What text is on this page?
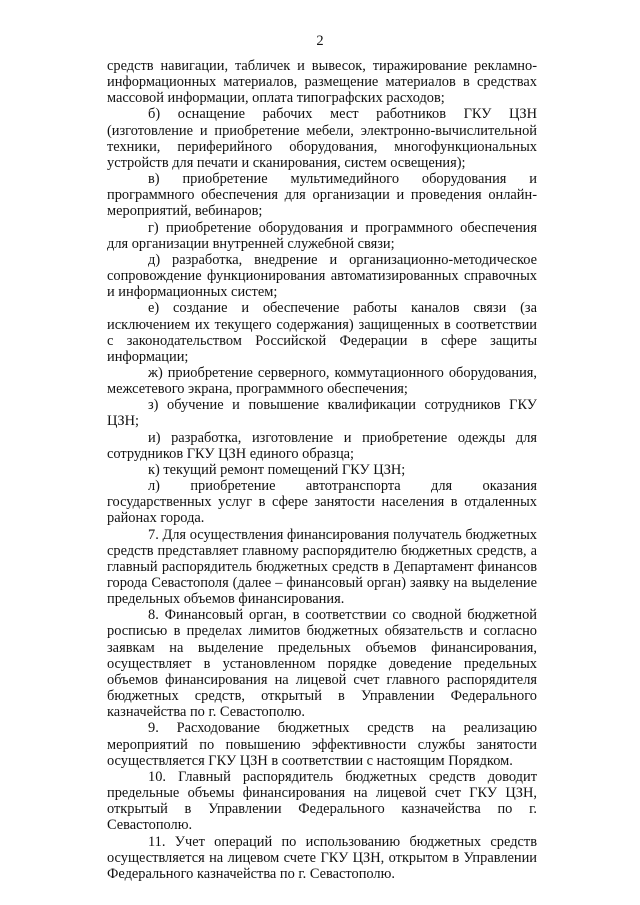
2

средств навигации, табличек и вывесок, тиражирование рекламно-информационных материалов, размещение материалов в средствах массовой информации, оплата типографских расходов;

б) оснащение рабочих мест работников ГКУ ЦЗН (изготовление и приобретение мебели, электронно-вычислительной техники, периферийного оборудования, многофункциональных устройств для печати и сканирования, систем освещения);

в) приобретение мультимедийного оборудования и программного обеспечения для организации и проведения онлайн-мероприятий, вебинаров;

г) приобретение оборудования и программного обеспечения для организации внутренней служебной связи;

д) разработка, внедрение и организационно-методическое сопровождение функционирования автоматизированных справочных и информационных систем;

е) создание и обеспечение работы каналов связи (за исключением их текущего содержания) защищенных в соответствии с законодательством Российской Федерации в сфере защиты информации;

ж) приобретение серверного, коммутационного оборудования, межсетевого экрана, программного обеспечения;

з) обучение и повышение квалификации сотрудников ГКУ ЦЗН;

и) разработка, изготовление и приобретение одежды для сотрудников ГКУ ЦЗН единого образца;

к) текущий ремонт помещений ГКУ ЦЗН;

л) приобретение автотранспорта для оказания государственных услуг в сфере занятости населения в отдаленных районах города.

7. Для осуществления финансирования получатель бюджетных средств представляет главному распорядителю бюджетных средств, а главный распорядитель бюджетных средств в Департамент финансов города Севастополя (далее – финансовый орган) заявку на выделение предельных объемов финансирования.

8. Финансовый орган, в соответствии со сводной бюджетной росписью в пределах лимитов бюджетных обязательств и согласно заявкам на выделение предельных объемов финансирования, осуществляет в установленном порядке доведение предельных объемов финансирования на лицевой счет главного распорядителя бюджетных средств, открытый в Управлении Федерального казначейства по г. Севастополю.

9. Расходование бюджетных средств на реализацию мероприятий по повышению эффективности службы занятости осуществляется ГКУ ЦЗН в соответствии с настоящим Порядком.

10. Главный распорядитель бюджетных средств доводит предельные объемы финансирования на лицевой счет ГКУ ЦЗН, открытый в Управлении Федерального казначейства по г. Севастополю.

11. Учет операций по использованию бюджетных средств осуществляется на лицевом счете ГКУ ЦЗН, открытом в Управлении Федерального казначейства по г. Севастополю.
